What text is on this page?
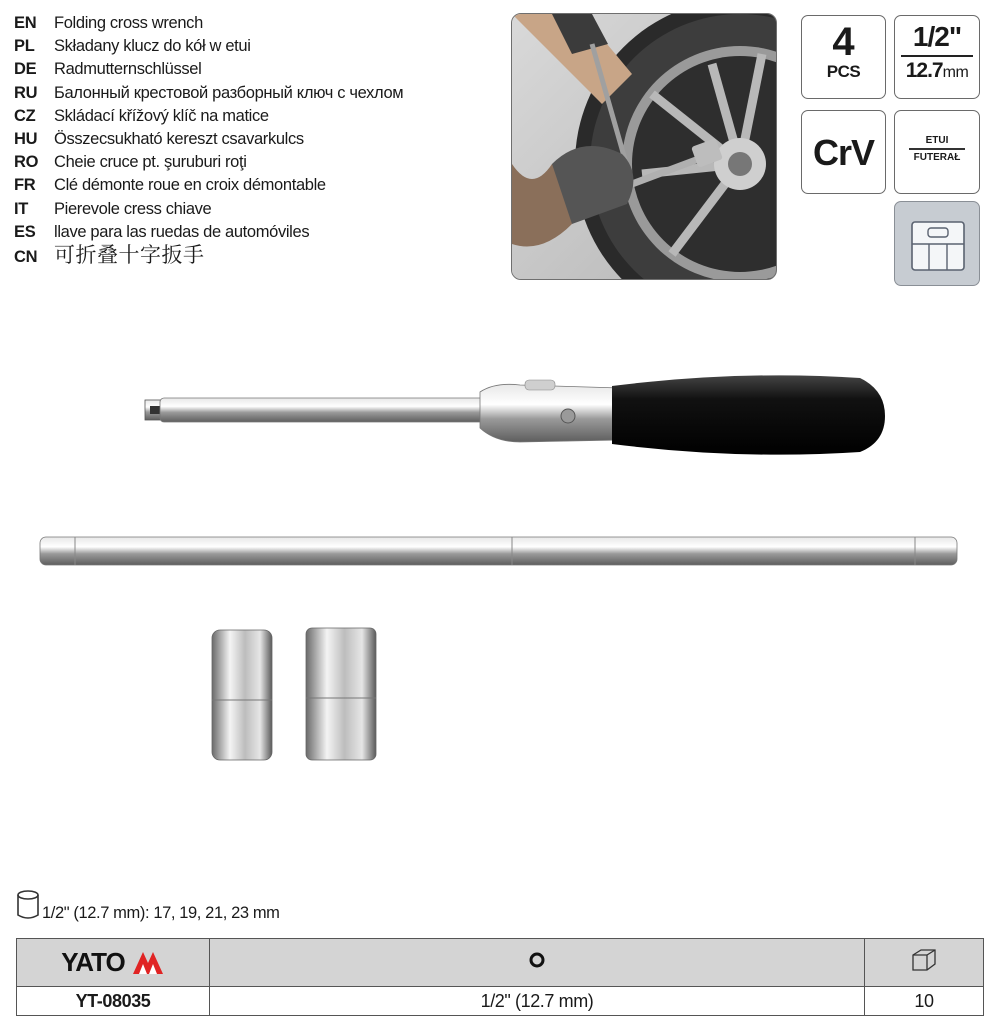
EN	Folding cross wrench
PL	Składany klucz do kół w etui
DE	Radmutternschlüssel
RU	Балонный крестовой разборный ключ с чехлом
CZ	Skládací křížový klíč na matice
HU	Összecsukható kereszt csavarkulcs
RO Cheie cruce pt. şuruburi roţi
FR	Clé démonte roue en croix démontable
IT	Pierevole cress chiave
ES	llave para las ruedas de automóviles
CN 可折叠十字扳手
4
PCS
1/2"
12.7mm
CrV	ETUI
FUTERAŁ
1/2" (12.7 mm): 17, 19, 21, 23 mm
YATO

YT-08035	1/2" (12.7 mm)	10
